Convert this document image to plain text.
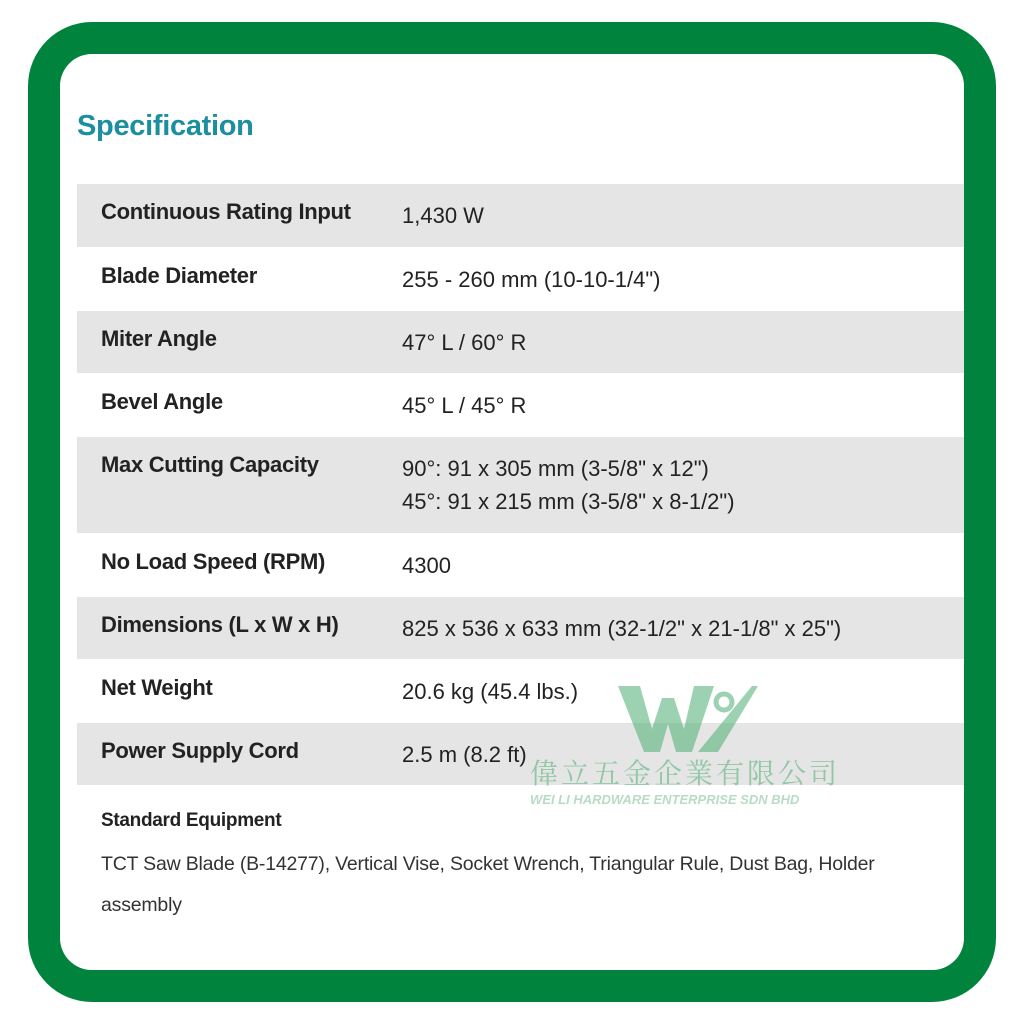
Specification
Continuous Rating Input	1,430 W
Blade Diameter	255 - 260 mm (10-10-1/4")
Miter Angle	47° L / 60° R
Bevel Angle	45° L / 45° R
Max Cutting Capacity	90°: 91 x 305 mm (3-5/8" x 12")
45°: 91 x 215 mm (3-5/8" x 8-1/2")

No Load Speed (RPM)	4300
Dimensions (L x W x H)	825 x 536 x 633 mm (32-1/2" x 21-1/8" x 25")
Net Weight	20.6 kg (45.4 lbs.)
Power Supply Cord	2.5 m (8.2 ft)
Standard Equipment
TCT Saw Blade (B-14277), Vertical Vise, Socket Wrench, Triangular Rule, Dust Bag, Holder assembly
偉立五金企業有限公司
WEI LI HARDWARE ENTERPRISE SDN BHD
